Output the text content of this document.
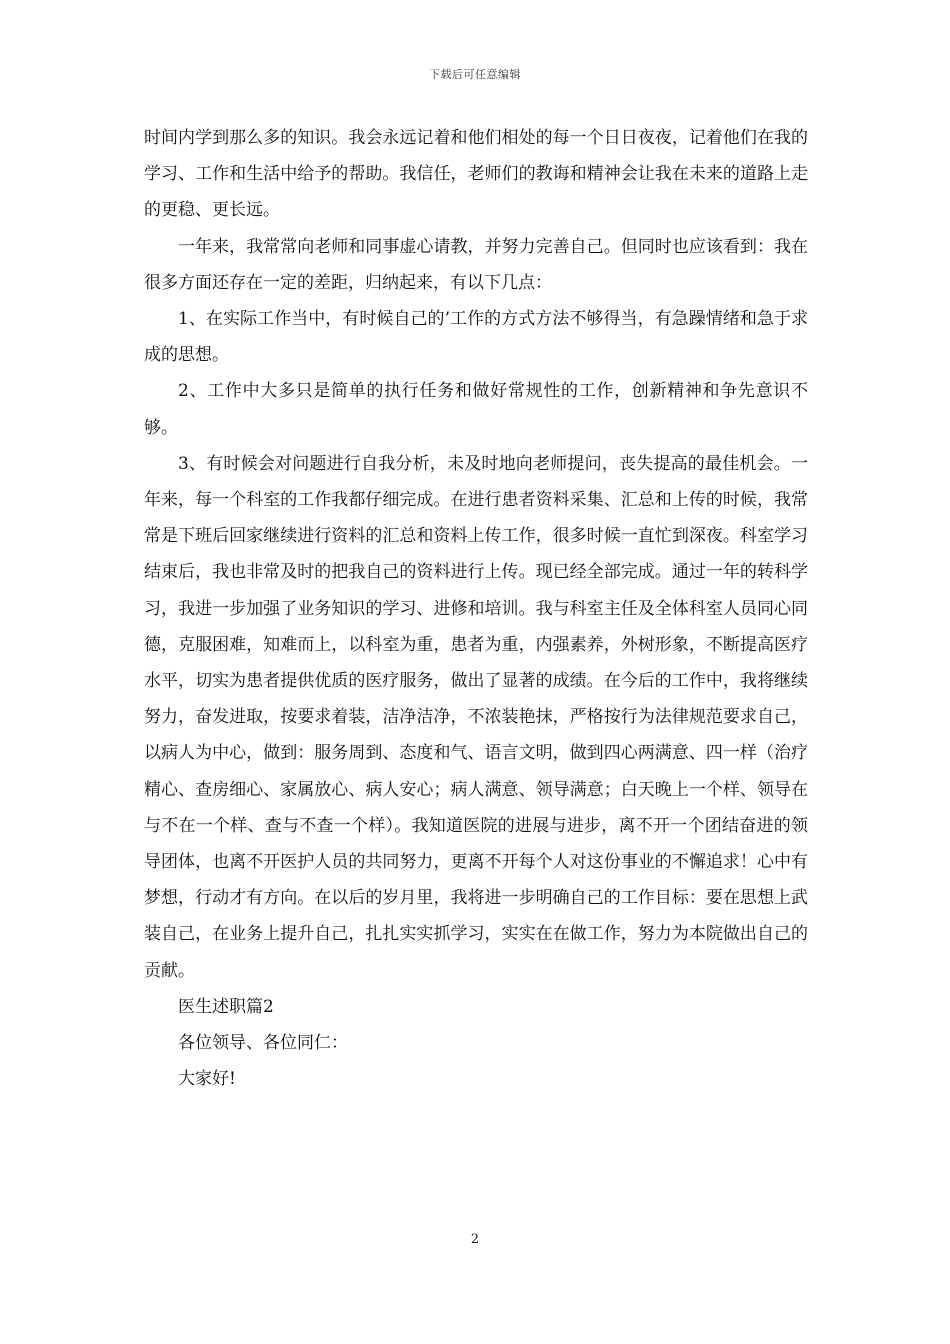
下载后可任意编辑

时间内学到那么多的知识。我会永远记着和他们相处的每一个日日夜夜，记着他们在我的学习、工作和生活中给予的帮助。我信任，老师们的教诲和精神会让我在未来的道路上走的更稳、更长远。

一年来，我常常向老师和同事虚心请教，并努力完善自己。但同时也应该看到：我在很多方面还存在一定的差距，归纳起来，有以下几点：

1、在实际工作当中，有时候自己的’工作的方式方法不够得当，有急躁情绪和急于求成的思想。

2、工作中大多只是简单的执行任务和做好常规性的工作，创新精神和争先意识不够。

3、有时候会对问题进行自我分析，未及时地向老师提问，丧失提高的最佳机会。一年来，每一个科室的工作我都仔细完成。在进行患者资料采集、汇总和上传的时候，我常常是下班后回家继续进行资料的汇总和资料上传工作，很多时候一直忙到深夜。科室学习结束后，我也非常及时的把我自己的资料进行上传。现已经全部完成。通过一年的转科学习，我进一步加强了业务知识的学习、进修和培训。我与科室主任及全体科室人员同心同德，克服困难，知难而上，以科室为重，患者为重，内强素养，外树形象，不断提高医疗水平，切实为患者提供优质的医疗服务，做出了显著的成绩。在今后的工作中，我将继续努力，奋发进取，按要求着装，洁净洁净，不浓装艳抹，严格按行为法律规范要求自己，以病人为中心，做到：服务周到、态度和气、语言文明，做到四心两满意、四一样（治疗精心、查房细心、家属放心、病人安心；病人满意、领导满意；白天晚上一个样、领导在与不在一个样、查与不查一个样）。我知道医院的进展与进步，离不开一个团结奋进的领导团体，也离不开医护人员的共同努力，更离不开每个人对这份事业的不懈追求！心中有梦想，行动才有方向。在以后的岁月里，我将进一步明确自己的工作目标：要在思想上武装自己，在业务上提升自己，扎扎实实抓学习，实实在在做工作，努力为本院做出自己的贡献。

医生述职篇2

各位领导、各位同仁：

大家好!

2
